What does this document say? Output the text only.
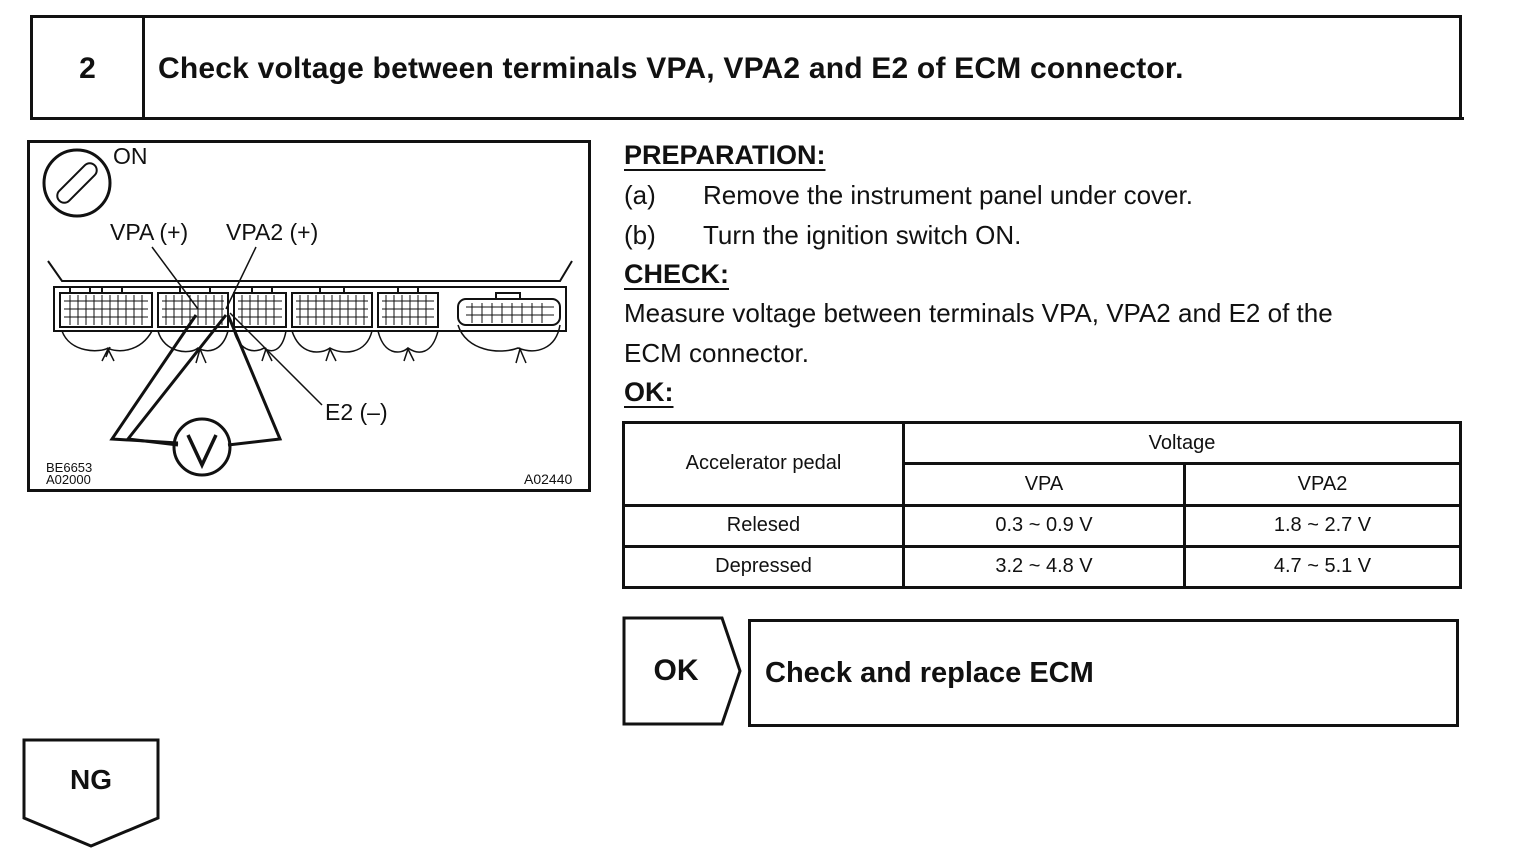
2	Check voltage between terminals VPA, VPA2 and E2 of ECM connector.
ON
VPA (+) VPA2 (+)
E2 (–)
BE6653
A02000	A02440
PREPARATION:
(a) Remove the instrument panel under cover.
(b) Turn the ignition switch ON.
CHECK:
Measure voltage between terminals VPA, VPA2 and E2 of the
ECM connector.
OK:
Accelerator pedal	Voltage	
	VPA	VPA2
Relesed	0.3 ~ 0.9 V	1.8 ~ 2.7 V
Depressed	3.2 ~ 4.8 V	4.7 ~ 5.1 V
OK	Check and replace ECM
NG
